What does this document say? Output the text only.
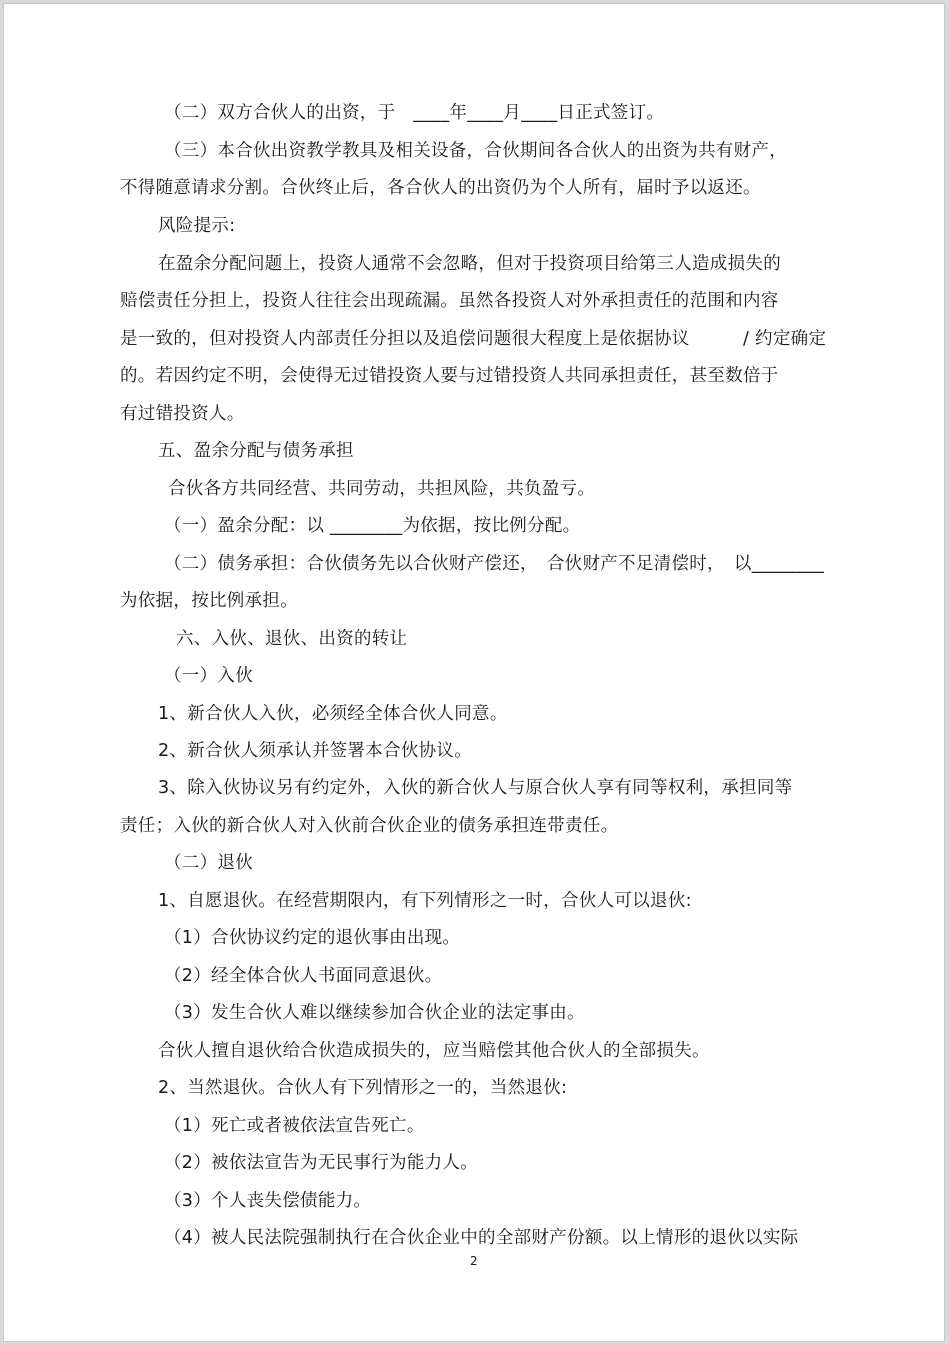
（二）双方合伙人的出资，于　____年____月____日正式签订。
（三）本合伙出资教学教具及相关设备，合伙期间各合伙人的出资为共有财产，
不得随意请求分割。合伙终止后，各合伙人的出资仍为个人所有，届时予以返还。
风险提示:
在盈余分配问题上，投资人通常不会忽略，但对于投资项目给第三人造成损失的
赔偿责任分担上，投资人往往会出现疏漏。虽然各投资人对外承担责任的范围和内容
是一致的，但对投资人内部责任分担以及追偿问题很大程度上是依据协议　　　/ 约定确定
的。若因约定不明，会使得无过错投资人要与过错投资人共同承担责任，甚至数倍于
有过错投资人。
五、盈余分配与债务承担
合伙各方共同经营、共同劳动，共担风险，共负盈亏。
（一）盈余分配：以 ________为依据，按比例分配。
（二）债务承担：合伙债务先以合伙财产偿还，　合伙财产不足清偿时，　以________
为依据，按比例承担。
六、入伙、退伙、出资的转让
（一）入伙
1、新合伙人入伙，必须经全体合伙人同意。
2、新合伙人须承认并签署本合伙协议。
3、除入伙协议另有约定外，入伙的新合伙人与原合伙人享有同等权利，承担同等
责任；入伙的新合伙人对入伙前合伙企业的债务承担连带责任。
（二）退伙
1、自愿退伙。在经营期限内，有下列情形之一时，合伙人可以退伙:
（1）合伙协议约定的退伙事由出现。
（2）经全体合伙人书面同意退伙。
（3）发生合伙人难以继续参加合伙企业的法定事由。
合伙人擅自退伙给合伙造成损失的，应当赔偿其他合伙人的全部损失。
2、当然退伙。合伙人有下列情形之一的，当然退伙:
（1）死亡或者被依法宣告死亡。
（2）被依法宣告为无民事行为能力人。
（3）个人丧失偿债能力。
（4）被人民法院强制执行在合伙企业中的全部财产份额。以上情形的退伙以实际
2
